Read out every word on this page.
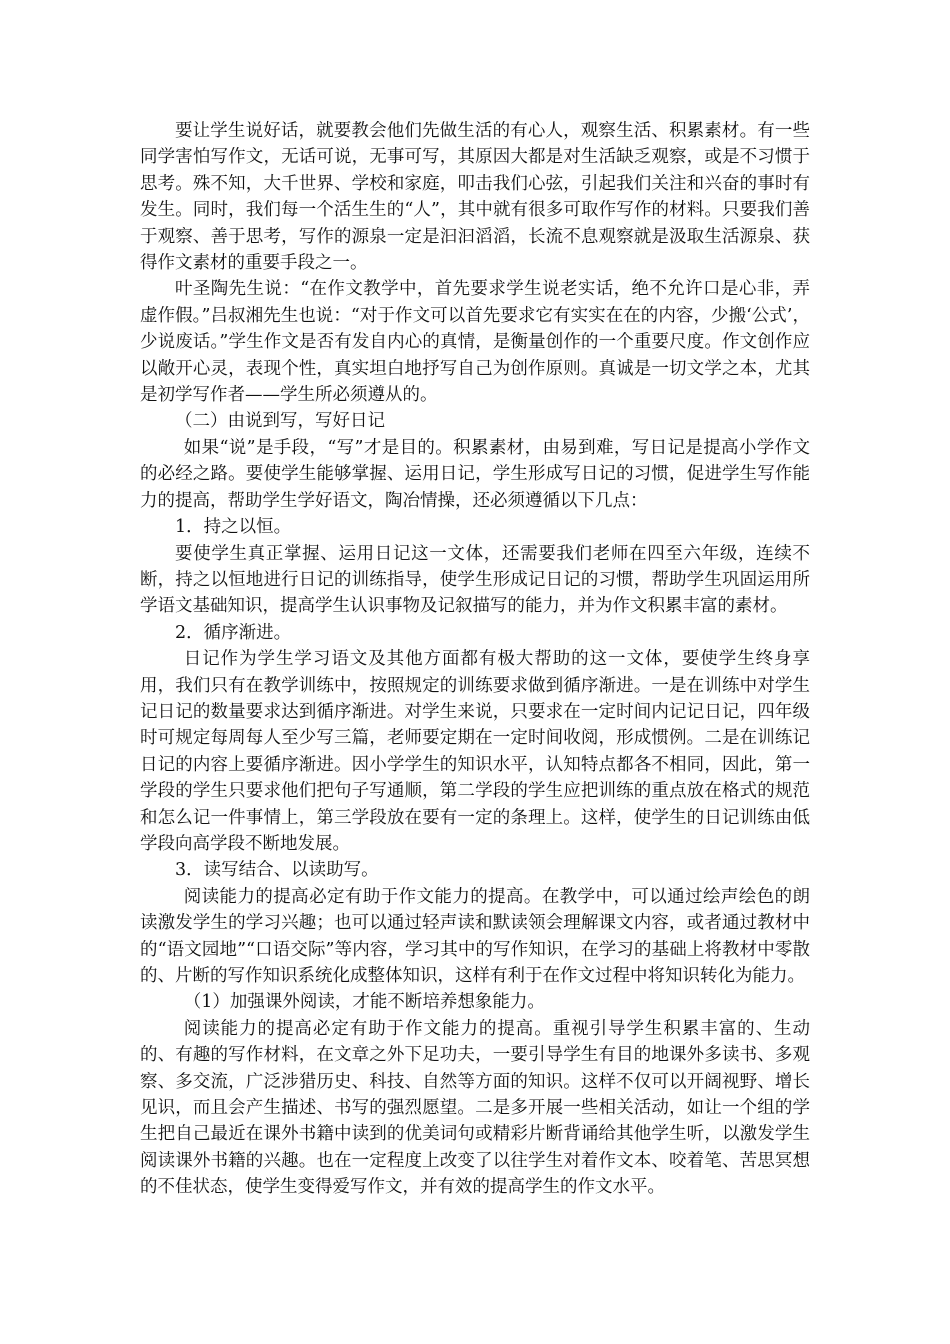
要让学生说好话，就要教会他们先做生活的有心人，观察生活、积累素材。有一些同学害怕写作文，无话可说，无事可写，其原因大都是对生活缺乏观察，或是不习惯于思考。殊不知，大千世界、学校和家庭，叩击我们心弦，引起我们关注和兴奋的事时有发生。同时，我们每一个活生生的“人”，其中就有很多可取作写作的材料。只要我们善于观察、善于思考，写作的源泉一定是汩汩滔滔，长流不息观察就是汲取生活源泉、获得作文素材的重要手段之一。

叶圣陶先生说：“在作文教学中，首先要求学生说老实话，绝不允许口是心非，弄虚作假。”吕叔湘先生也说：“对于作文可以首先要求它有实实在在的内容，少搬‘公式’，少说废话。”学生作文是否有发自内心的真情，是衡量创作的一个重要尺度。作文创作应以敞开心灵，表现个性，真实坦白地抒写自己为创作原则。真诚是一切文学之本，尤其是初学写作者——学生所必须遵从的。

（二）由说到写，写好日记

如果“说”是手段，“写”才是目的。积累素材，由易到难，写日记是提高小学作文的必经之路。要使学生能够掌握、运用日记，学生形成写日记的习惯，促进学生写作能力的提高，帮助学生学好语文，陶冶情操，还必须遵循以下几点：

1．持之以恒。

要使学生真正掌握、运用日记这一文体，还需要我们老师在四至六年级，连续不断，持之以恒地进行日记的训练指导，使学生形成记日记的习惯，帮助学生巩固运用所学语文基础知识，提高学生认识事物及记叙描写的能力，并为作文积累丰富的素材。

2．循序渐进。

日记作为学生学习语文及其他方面都有极大帮助的这一文体，要使学生终身享用，我们只有在教学训练中，按照规定的训练要求做到循序渐进。一是在训练中对学生记日记的数量要求达到循序渐进。对学生来说，只要求在一定时间内记记日记，四年级时可规定每周每人至少写三篇，老师要定期在一定时间收阅，形成惯例。二是在训练记日记的内容上要循序渐进。因小学学生的知识水平，认知特点都各不相同，因此，第一学段的学生只要求他们把句子写通顺，第二学段的学生应把训练的重点放在格式的规范和怎么记一件事情上，第三学段放在要有一定的条理上。这样，使学生的日记训练由低学段向高学段不断地发展。

3．读写结合、以读助写。

阅读能力的提高必定有助于作文能力的提高。在教学中，可以通过绘声绘色的朗读激发学生的学习兴趣；也可以通过轻声读和默读领会理解课文内容，或者通过教材中的“语文园地”“口语交际”等内容，学习其中的写作知识，在学习的基础上将教材中零散的、片断的写作知识系统化成整体知识，这样有利于在作文过程中将知识转化为能力。

（1）加强课外阅读，才能不断培养想象能力。

阅读能力的提高必定有助于作文能力的提高。重视引导学生积累丰富的、生动的、有趣的写作材料，在文章之外下足功夫，一要引导学生有目的地课外多读书、多观察、多交流，广泛涉猎历史、科技、自然等方面的知识。这样不仅可以开阔视野、增长见识，而且会产生描述、书写的强烈愿望。二是多开展一些相关活动，如让一个组的学生把自己最近在课外书籍中读到的优美词句或精彩片断背诵给其他学生听，以激发学生阅读课外书籍的兴趣。也在一定程度上改变了以往学生对着作文本、咬着笔、苦思冥想的不佳状态，使学生变得爱写作文，并有效的提高学生的作文水平。
